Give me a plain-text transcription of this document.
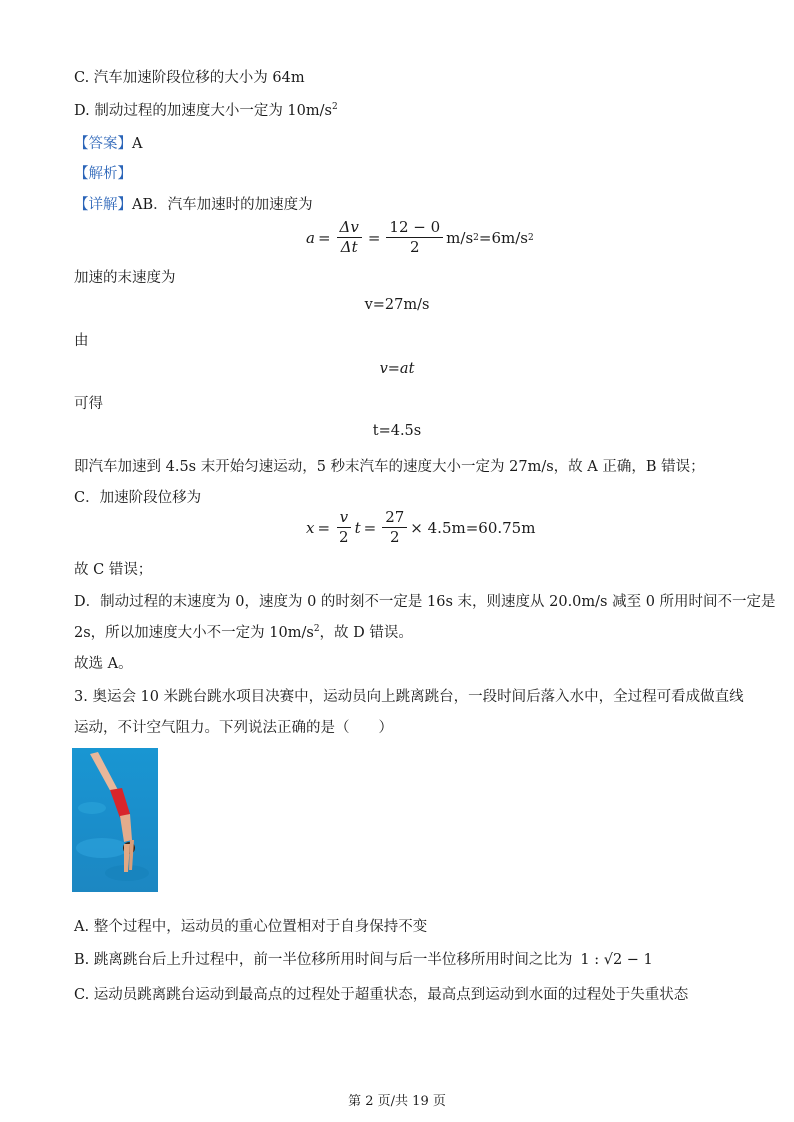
C. 汽车加速阶段位移的大小为 64m
D. 制动过程的加速度大小一定为 $10m/s^2$
【答案】A
【解析】
【详解】AB．汽车加速时的加速度为
$a = \frac{\Delta v}{\Delta t} = \frac{12 - 0}{2} m/s$ 2 =6m/s 2
加速的末速度为
v=27m/s
由
v=at
可得
t=4.5s
即汽车加速到 4.5s 末开始匀速运动，5 秒末汽车的速度大小一定为 27m/s，故 A 正确，B 错误；
C．加速阶段位移为
$x = \frac{v}{2}$ $t = \frac{27}{2} \times 4.5m=60.75m$
故 C 错误；
D．制动过程的末速度为 0，速度为 0 的时刻不一定是 16s 末，则速度从 20.0m/s 减至 0 所用时间不一定是
2s，所以加速度大小不一定为 $10m/s^2$，故 D 错误。
故选 A。
3. 奥运会 10 米跳台跳水项目决赛中，运动员向上跳离跳台，一段时间后落入水中，全过程可看成做直线
运动，不计空气阻力。下列说法正确的是（　　）
A. 整个过程中，运动员的重心位置相对于自身保持不变
B. 跳离跳台后上升过程中，前一半位移所用时间与后一半位移所用时间之比为 1 : √2 − 1
C. 运动员跳离跳台运动到最高点的过程处于超重状态，最高点到运动到水面的过程处于失重状态
第 2 页/共 19 页
